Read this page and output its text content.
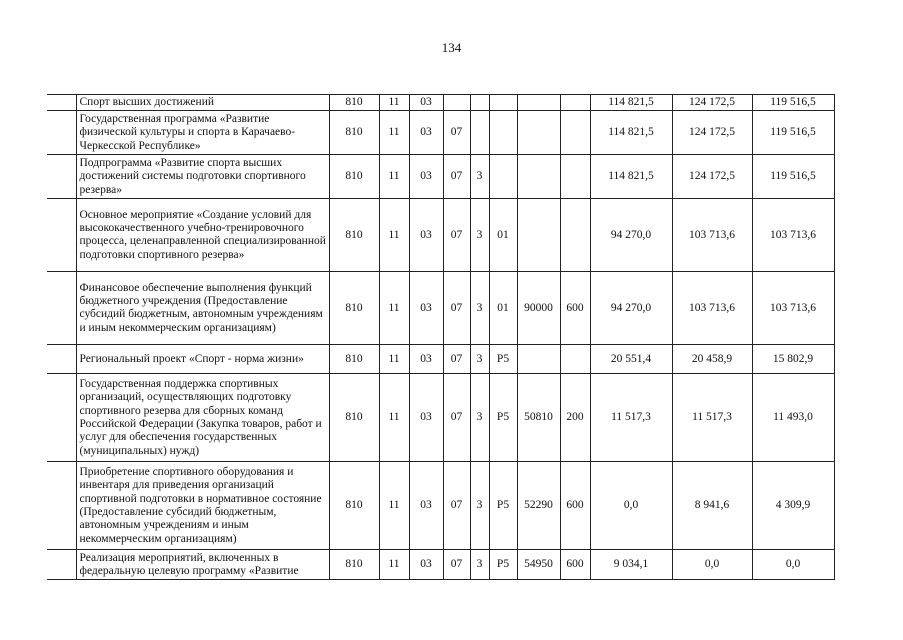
134
	Спорт высших достижений	810	11	03						114 821,5	124 172,5	119 516,5
	Государственная программа «Развитие физической культуры и спорта в Карачаево-Черкесской Республике»	810	11	03	07					114 821,5	124 172,5	119 516,5
	Подпрограмма «Развитие спорта высших достижений системы подготовки спортивного резерва»	810	11	03	07	3				114 821,5	124 172,5	119 516,5
	Основное мероприятие «Создание условий для высококачественного учебно-тренировочного процесса, целенаправленной специализированной подготовки спортивного резерва»	810	11	03	07	3	01			94 270,0	103 713,6	103 713,6
	Финансовое обеспечение выполнения функций бюджетного учреждения (Предоставление субсидий бюджетным, автономным учреждениям и иным некоммерческим организациям)	810	11	03	07	3	01	90000	600	94 270,0	103 713,6	103 713,6
	Региональный проект «Спорт - норма жизни»	810	11	03	07	3	P5			20 551,4	20 458,9	15 802,9
	Государственная поддержка спортивных организаций, осуществляющих подготовку спортивного резерва для сборных команд Российской Федерации (Закупка товаров, работ и услуг для обеспечения государственных (муниципальных) нужд)	810	11	03	07	3	P5	50810	200	11 517,3	11 517,3	11 493,0
	Приобретение спортивного оборудования и инвентаря для приведения организаций спортивной подготовки в нормативное состояние (Предоставление субсидий бюджетным, автономным учреждениям и иным некоммерческим организациям)	810	11	03	07	3	P5	52290	600	0,0	8 941,6	4 309,9
	Реализация мероприятий, включенных в федеральную целевую программу «Развитие	810	11	03	07	3	P5	54950	600	9 034,1	0,0	0,0
